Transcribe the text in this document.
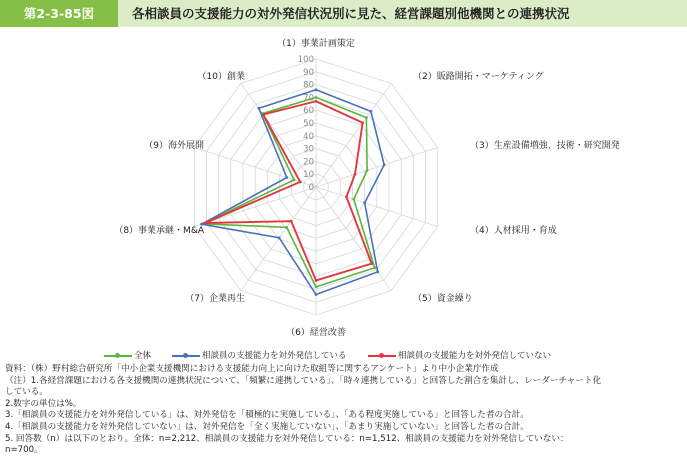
第2-3-85図	各相談員の支援能力の対外発信状況別に見た、経営課題別他機関との連携状況
0
10
20
30
40
50
60
70
80
90
100
（1）事業計画策定
（2）販路開拓・マーケティング
（3）生産設備増強、技術・研究開発
（4）人材採用・育成
（5）資金繰り
（6）経営改善
（7）企業再生
（8）事業承継・M&A
（9）海外展開
（10）創業
全体	相談員の支援能力を対外発信している	相談員の支援能力を対外発信していない
資料：（株）野村総合研究所「中小企業支援機関における支援能力向上に向けた取組等に関するアンケート」より中小企業庁作成
（注）1.各経営課題における各支援機関の連携状況について、「頻繁に連携している」、「時々連携している」と回答した割合を集計し、レーダーチャート化
している。
2.数字の単位は%。
3.「相談員の支援能力を対外発信している」は、対外発信を「積極的に実施している」、「ある程度実施している」と回答した者の合計。
4.「相談員の支援能力を対外発信していない」は、対外発信を「全く実施していない」、「あまり実施していない」と回答した者の合計。
5. 回答数（n）は以下のとおり。全体：n=2,212、相談員の支援能力を対外発信している：n=1,512、相談員の支援能力を対外発信していない：
n=700。
